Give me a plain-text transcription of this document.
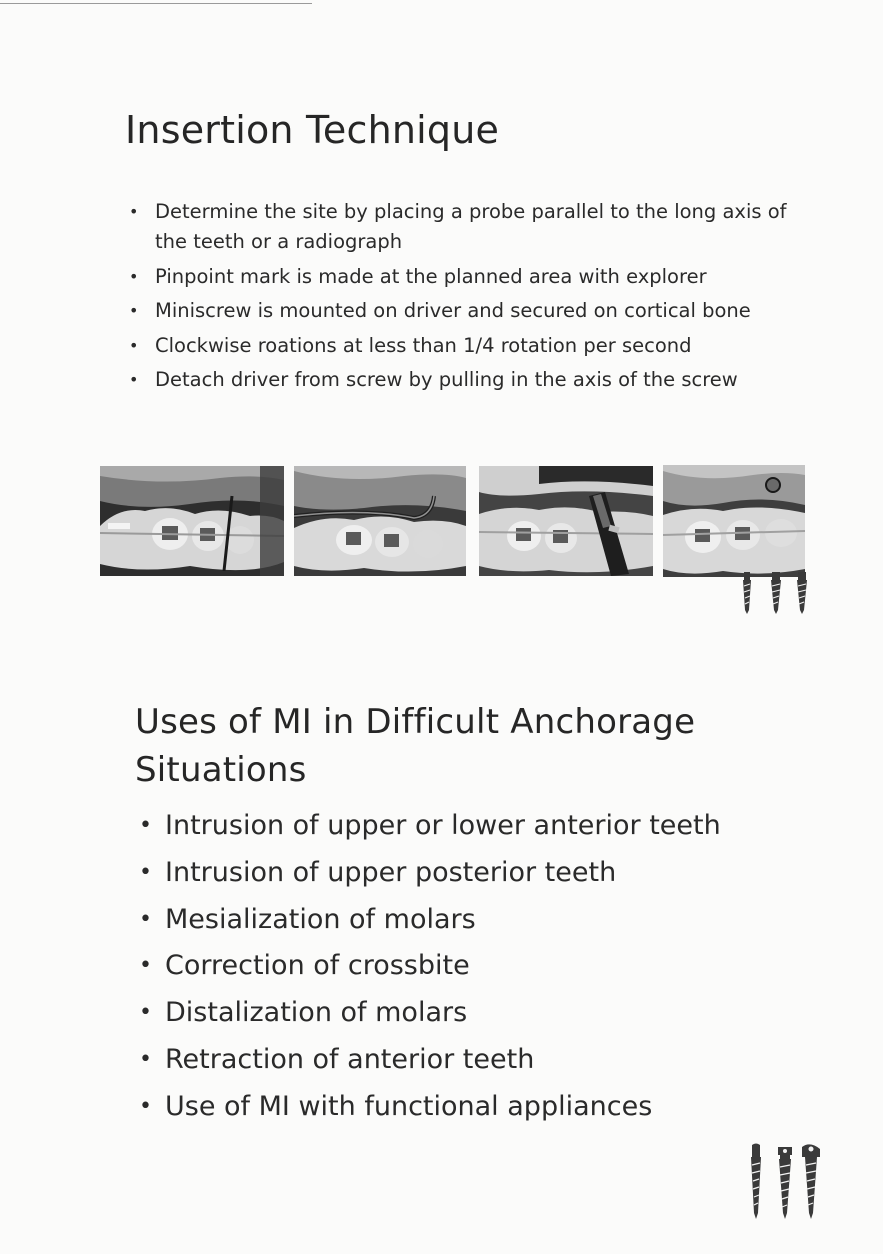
Insertion Technique
• Determine the site by placing a probe parallel to the long axis of the teeth or a radiograph
• Pinpoint mark is made at the planned area with explorer
• Miniscrew is mounted on driver and secured on cortical bone
• Clockwise roations at less than 1/4 rotation per second
• Detach driver from screw by pulling in the axis of the screw
Uses of MI in Difficult Anchorage Situations
• Intrusion of upper or lower anterior teeth
• Intrusion of upper posterior teeth
• Mesialization of molars
• Correction of crossbite
• Distalization of molars
• Retraction of anterior teeth
• Use of MI with functional appliances
